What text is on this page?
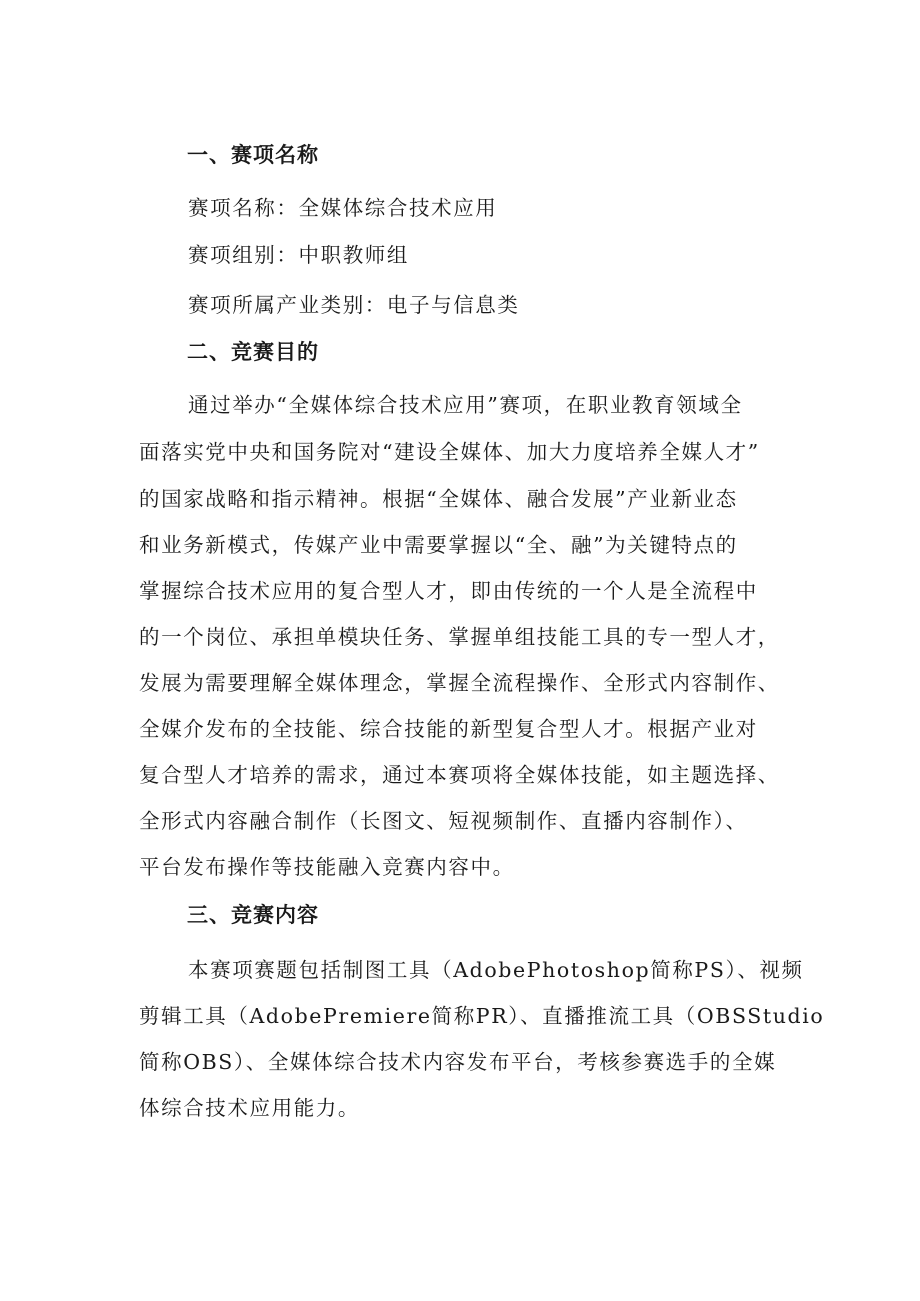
一、赛项名称
赛项名称：全媒体综合技术应用
赛项组别：中职教师组
赛项所属产业类别：电子与信息类
二、竞赛目的
通过举办“全媒体综合技术应用”赛项，在职业教育领域全
面落实党中央和国务院对“建设全媒体、加大力度培养全媒人才”
的国家战略和指示精神。根据“全媒体、融合发展”产业新业态
和业务新模式，传媒产业中需要掌握以“全、融”为关键特点的
掌握综合技术应用的复合型人才，即由传统的一个人是全流程中
的一个岗位、承担单模块任务、掌握单组技能工具的专一型人才，
发展为需要理解全媒体理念，掌握全流程操作、全形式内容制作、
全媒介发布的全技能、综合技能的新型复合型人才。根据产业对
复合型人才培养的需求，通过本赛项将全媒体技能，如主题选择、
全形式内容融合制作（长图文、短视频制作、直播内容制作）、
平台发布操作等技能融入竞赛内容中。
三、竞赛内容
本赛项赛题包括制图工具（AdobePhotoshop简称PS）、视频
剪辑工具（AdobePremiere简称PR）、直播推流工具（OBSStudio
简称OBS）、全媒体综合技术内容发布平台，考核参赛选手的全媒
体综合技术应用能力。
